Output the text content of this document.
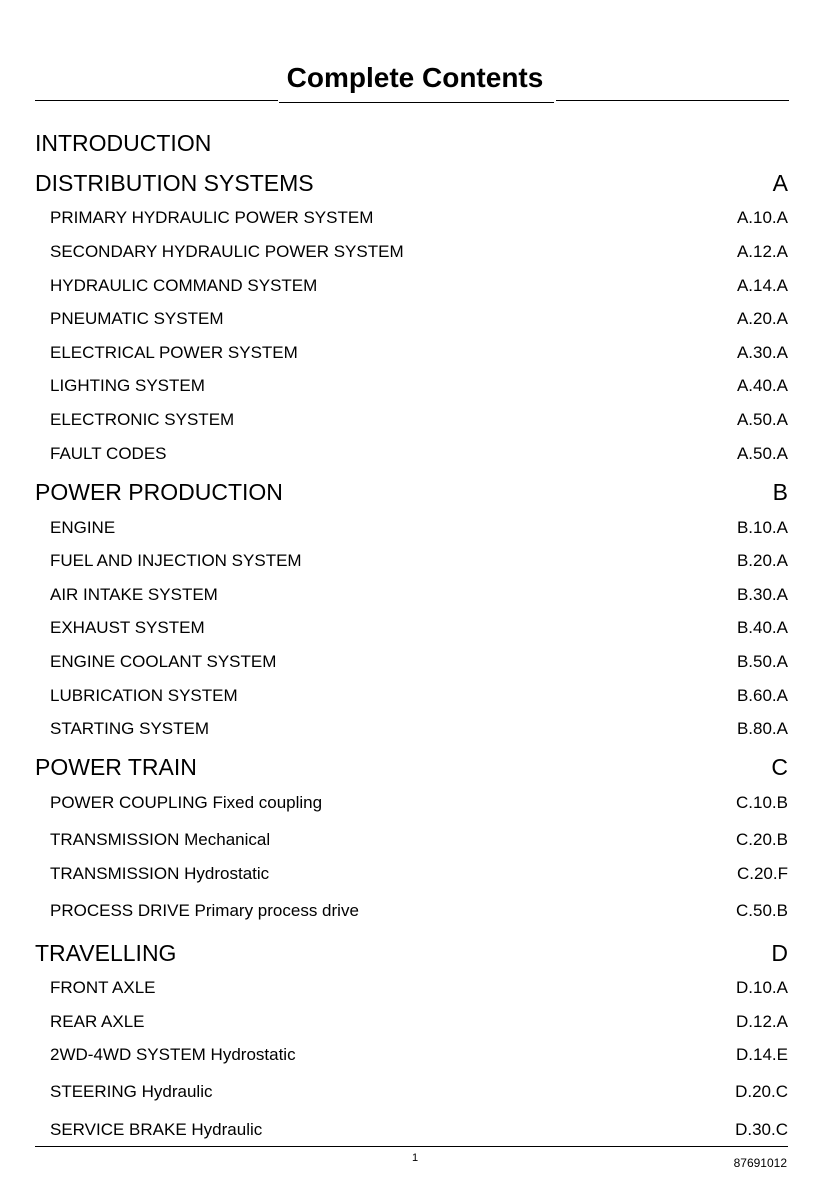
Complete Contents
INTRODUCTION
DISTRIBUTION SYSTEMS	A
PRIMARY HYDRAULIC POWER SYSTEM	A.10.A
SECONDARY HYDRAULIC POWER SYSTEM	A.12.A
HYDRAULIC COMMAND SYSTEM	A.14.A
PNEUMATIC SYSTEM	A.20.A
ELECTRICAL POWER SYSTEM	A.30.A
LIGHTING SYSTEM	A.40.A
ELECTRONIC SYSTEM	A.50.A
FAULT CODES	A.50.A
POWER PRODUCTION	B
ENGINE	B.10.A
FUEL AND INJECTION SYSTEM	B.20.A
AIR INTAKE SYSTEM	B.30.A
EXHAUST SYSTEM	B.40.A
ENGINE COOLANT SYSTEM	B.50.A
LUBRICATION SYSTEM	B.60.A
STARTING SYSTEM	B.80.A
POWER TRAIN	C
POWER COUPLING Fixed coupling	C.10.B
TRANSMISSION Mechanical	C.20.B
TRANSMISSION Hydrostatic	C.20.F
PROCESS DRIVE Primary process drive	C.50.B
TRAVELLING	D
FRONT AXLE	D.10.A
REAR AXLE	D.12.A
2WD-4WD SYSTEM Hydrostatic	D.14.E
STEERING Hydraulic	D.20.C
SERVICE BRAKE Hydraulic	D.30.C
1	87691012
